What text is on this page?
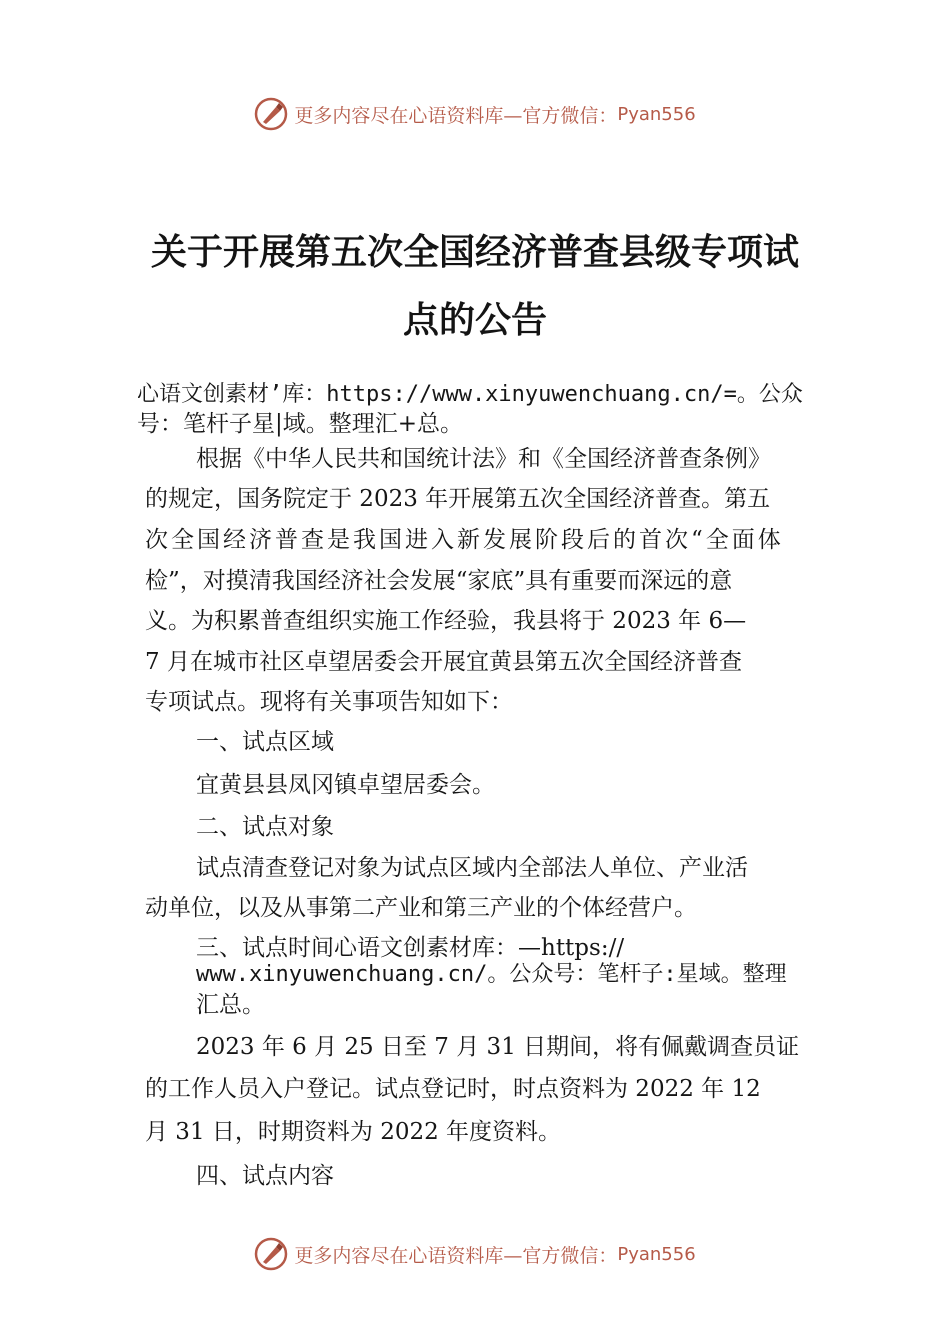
更多内容尽在心语资料库—官方微信： Pyan556
关于开展第五次全国经济普查县级专项试
点的公告
心语文创素材’库：https://www.xinyuwenchuang.cn/=。公众
号：笔杆子星|域。整理汇+总。
根据《中华人民共和国统计法》和《全国经济普查条例》
的规定，国务院定于 2023 年开展第五次全国经济普查。第五
次全国经济普查是我国进入新发展阶段后的首次“全面体
检”，对摸清我国经济社会发展“家底”具有重要而深远的意
义。为积累普查组织实施工作经验，我县将于 2023 年 6—
7 月在城市社区卓望居委会开展宜黄县第五次全国经济普查
专项试点。现将有关事项告知如下：
一、试点区域
宜黄县县凤冈镇卓望居委会。
二、试点对象
试点清查登记对象为试点区域内全部法人单位、产业活
动单位，以及从事第二产业和第三产业的个体经营户。
三、试点时间心语文创素材库：—https://
www.xinyuwenchuang.cn/。公众号：笔杆子:星域。整理
汇总。
2023 年 6 月 25 日至 7 月 31 日期间，将有佩戴调查员证
的工作人员入户登记。试点登记时，时点资料为 2022 年 12
月 31 日，时期资料为 2022 年度资料。
四、试点内容
更多内容尽在心语资料库—官方微信： Pyan556
